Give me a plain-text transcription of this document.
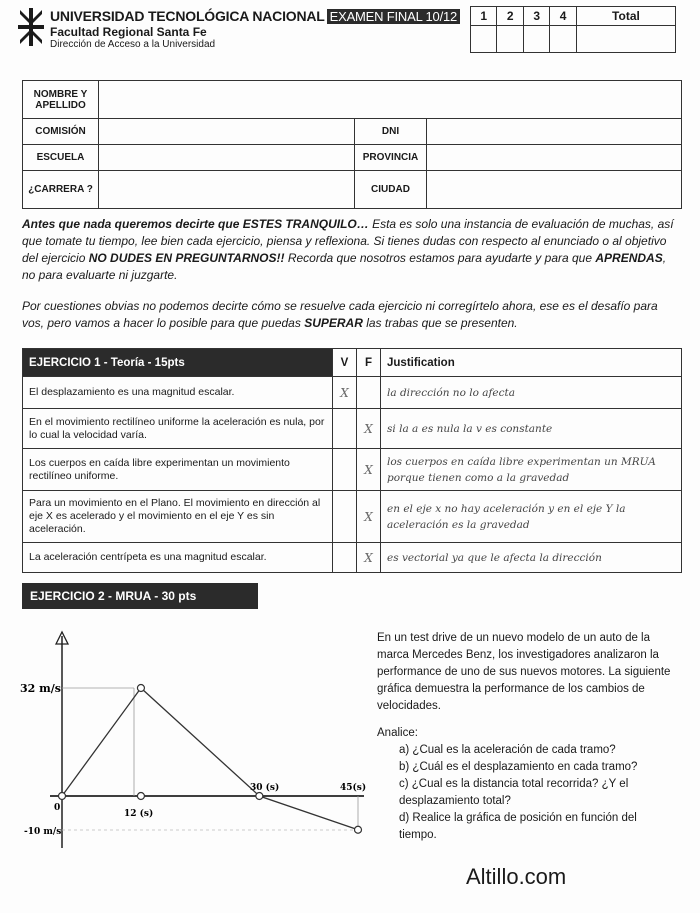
UNIVERSIDAD TECNOLÓGICA NACIONAL EXAMEN FINAL 10/12
Facultad Regional Santa Fe
Dirección de Acceso a la Universidad
1	2	3	4	Total

NOMBRE Y APELLIDO			
COMISIÓN		DNI	
ESCUELA		PROVINCIA	
¿CARRERA ?		CIUDAD	

Antes que nada queremos decirte que ESTES TRANQUILO… Esta es solo una instancia de evaluación de muchas, así que tomate tu tiempo, lee bien cada ejercicio, piensa y reflexiona. Si tienes dudas con respecto al enunciado o al objetivo del ejercicio NO DUDES EN PREGUNTARNOS!! Recorda que nosotros estamos para ayudarte y para que APRENDAS, no para evaluarte ni juzgarte.

Por cuestiones obvias no podemos decirte cómo se resuelve cada ejercicio ni corregírtelo ahora, ese es el desafío para vos, pero vamos a hacer lo posible para que puedas SUPERAR las trabas que se presenten.

EJERCICIO 1 - Teoría - 15pts	V	F	Justification
El desplazamiento es una magnitud escalar.	X		la dirección no lo afecta
En el movimiento rectilíneo uniforme la aceleración es nula, por lo cual la velocidad varía.		X	si la a es nula la v es constante
Los cuerpos en caída libre experimentan un movimiento rectilíneo uniforme.		X	los cuerpos en caída libre experimentan un MRUA porque tienen como a la gravedad
Para un movimiento en el Plano. El movimiento en dirección al eje X es acelerado y el movimiento en el eje Y es sin aceleración.		X	en el eje x no hay aceleración y en el eje Y la aceleración es la gravedad
La aceleración centrípeta es una magnitud escalar.		X	es vectorial ya que le afecta la dirección
EJERCICIO 2 - MRUA - 30 pts
32 m/s
-10 m/s
0
12 (s)
30 (s)	45(s)

En un test drive de un nuevo modelo de un auto de la marca Mercedes Benz, los investigadores analizaron la performance de uno de sus nuevos motores. La siguiente gráfica demuestra la performance de los cambios de velocidades.

Analice:

a) ¿Cual es la aceleración de cada tramo?

b) ¿Cuál es el desplazamiento en cada tramo?

c) ¿Cual es la distancia total recorrida? ¿Y el desplazamiento total?

d) Realice la gráfica de posición en función del tiempo.

Altillo.com
